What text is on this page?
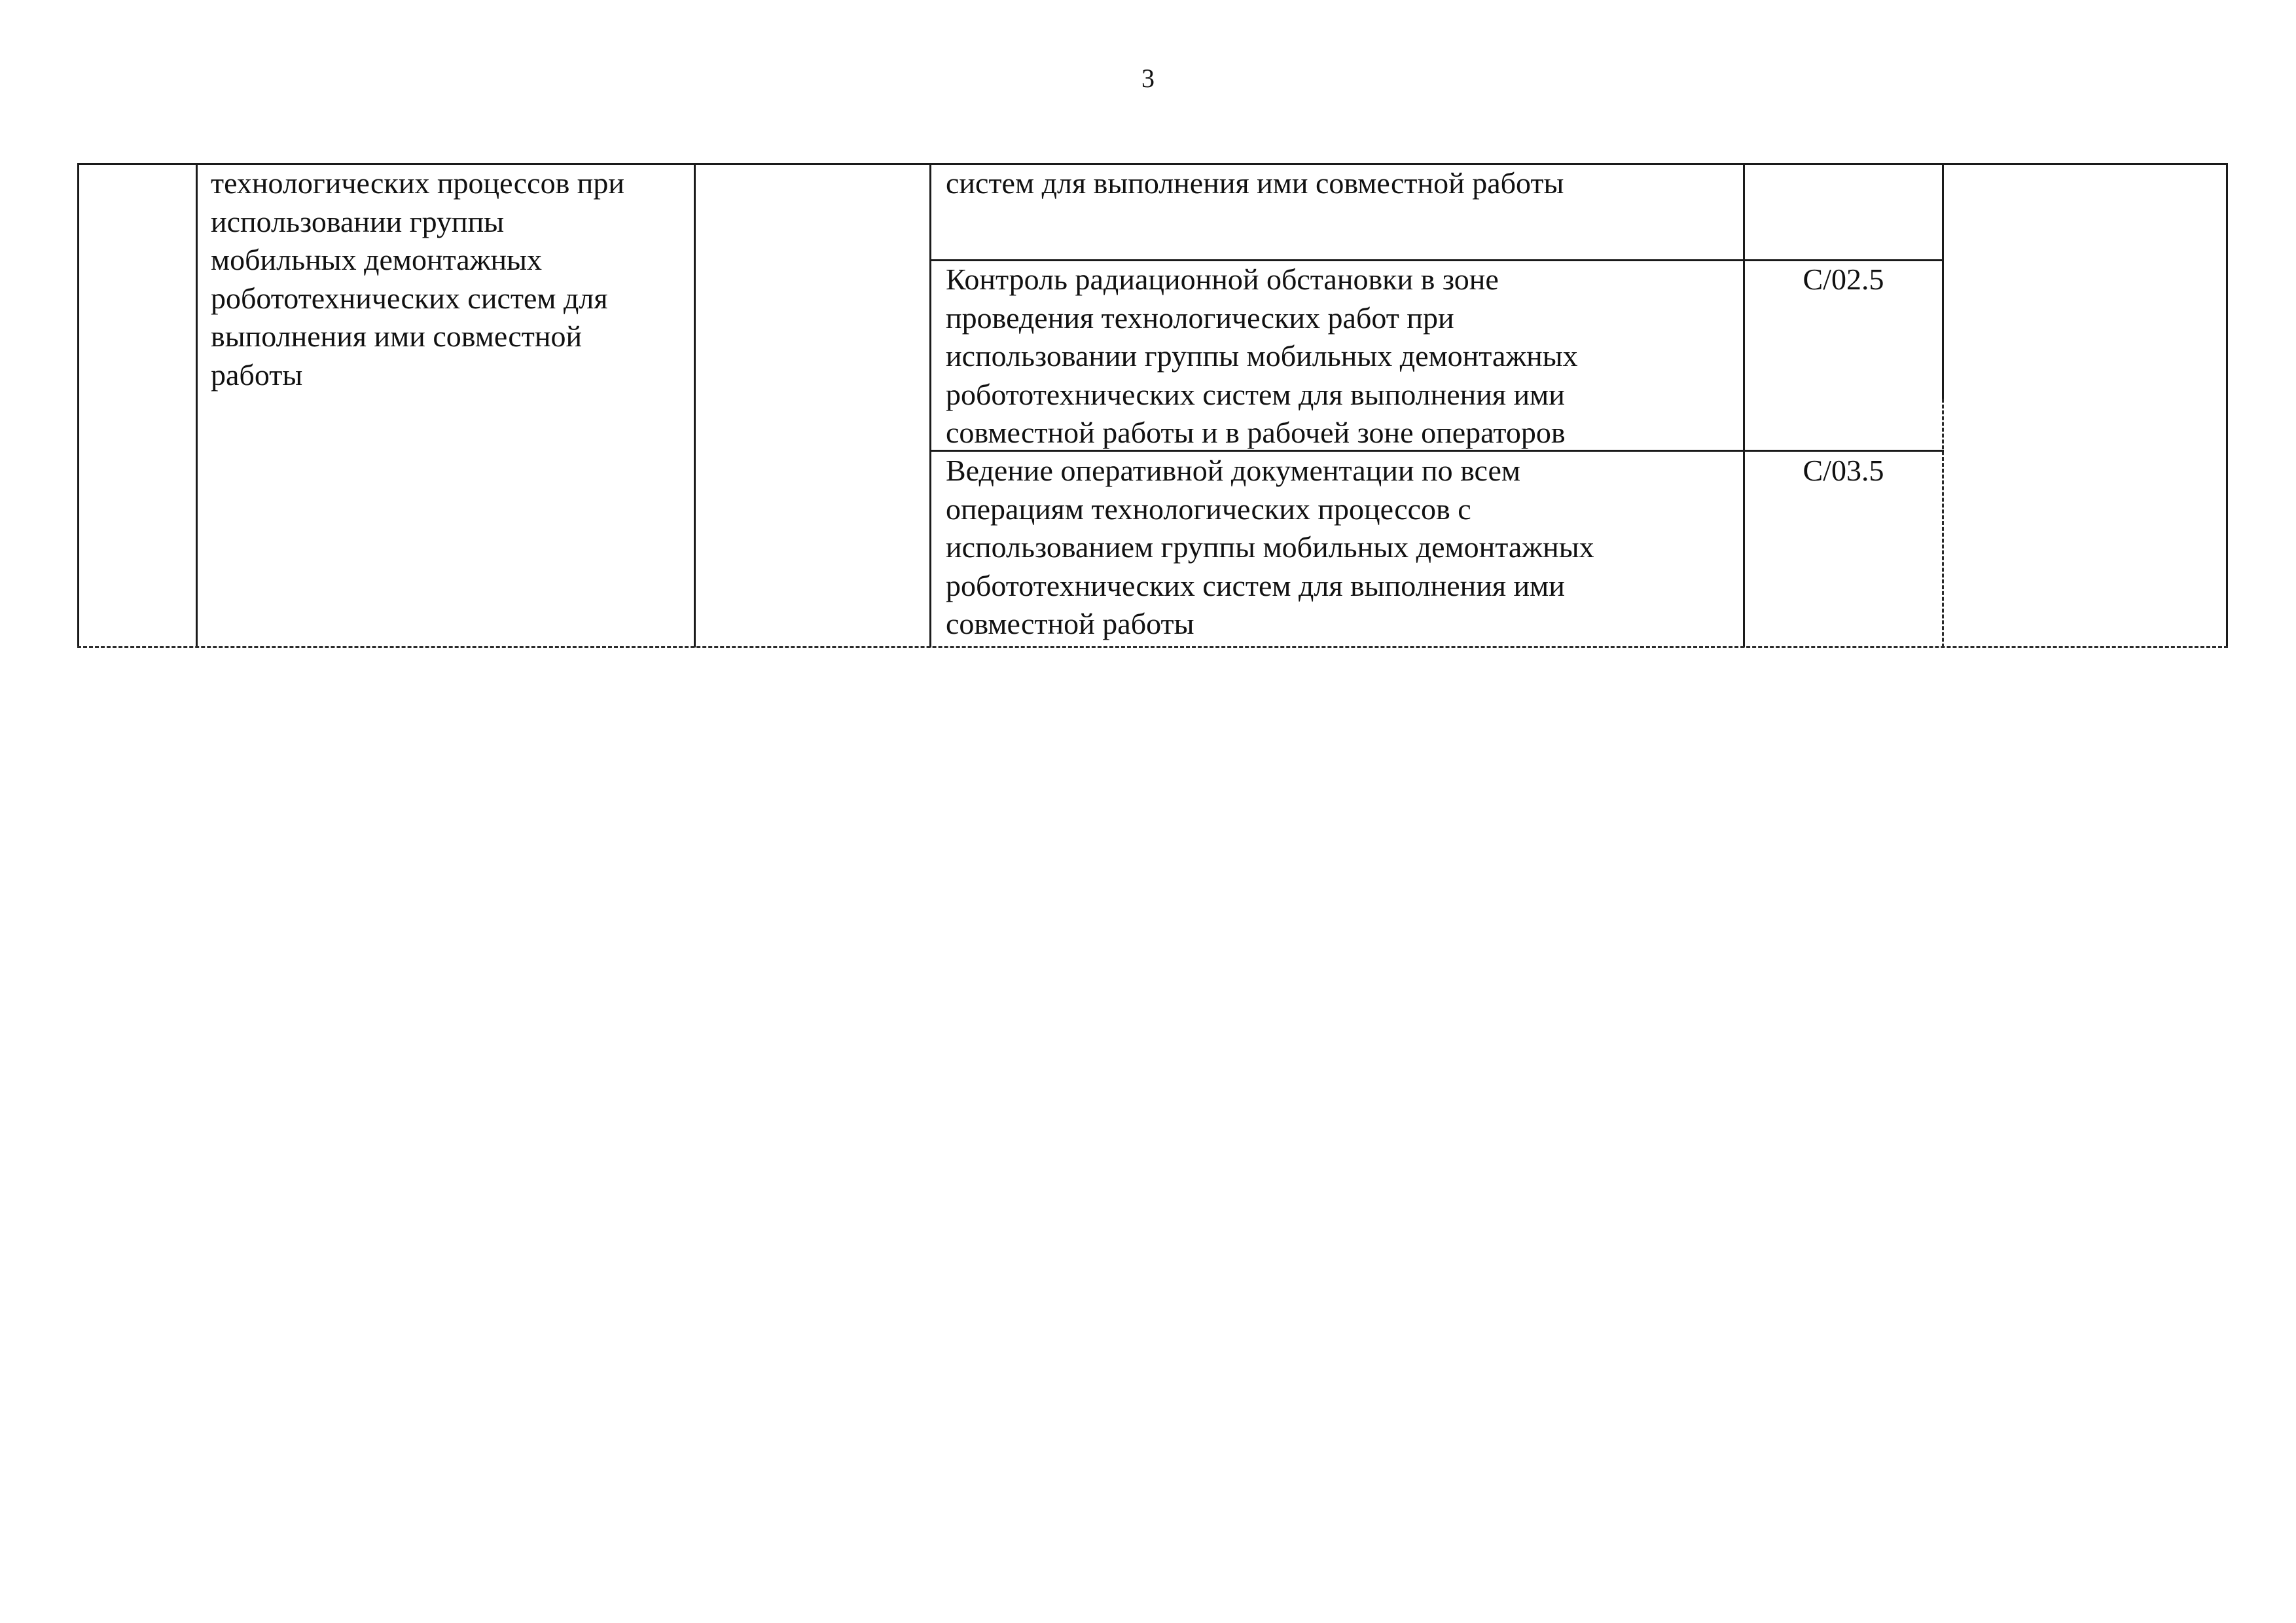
3
технологических процессов при
использовании группы
мобильных демонтажных
робототехнических систем для
выполнения ими совместной
работы
систем для выполнения ими совместной работы
Контроль радиационной обстановки в зоне
проведения технологических работ при
использовании группы мобильных демонтажных
робототехнических систем для выполнения ими
совместной работы и в рабочей зоне операторов
С/02.5
Ведение оперативной документации по всем
операциям технологических процессов с
использованием группы мобильных демонтажных
робототехнических систем для выполнения ими
совместной работы
С/03.5
